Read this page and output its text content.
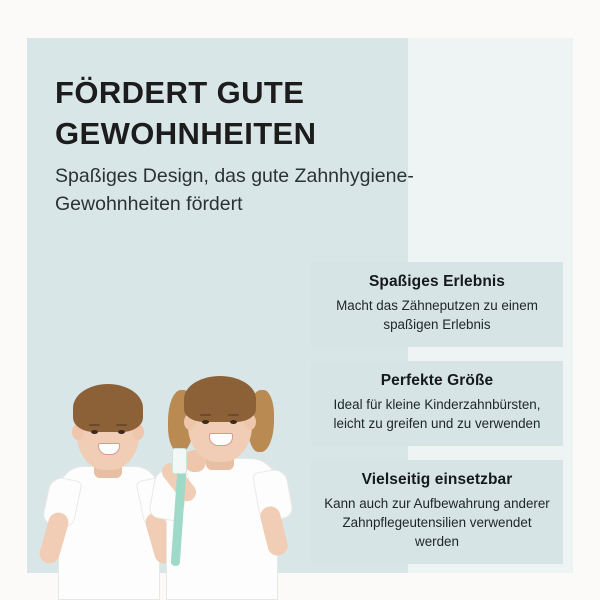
FÖRDERT GUTE GEWOHNHEITEN

Spaßiges Design, das gute Zahnhygiene-Gewohnheiten fördert

Spaßiges Erlebnis

Macht das Zähneputzen zu einem spaßigen Erlebnis

Perfekte Größe

Ideal für kleine Kinderzahnbürsten, leicht zu greifen und zu verwenden

Vielseitig einsetzbar

Kann auch zur Aufbewahrung anderer Zahnpflegeutensilien verwendet werden
